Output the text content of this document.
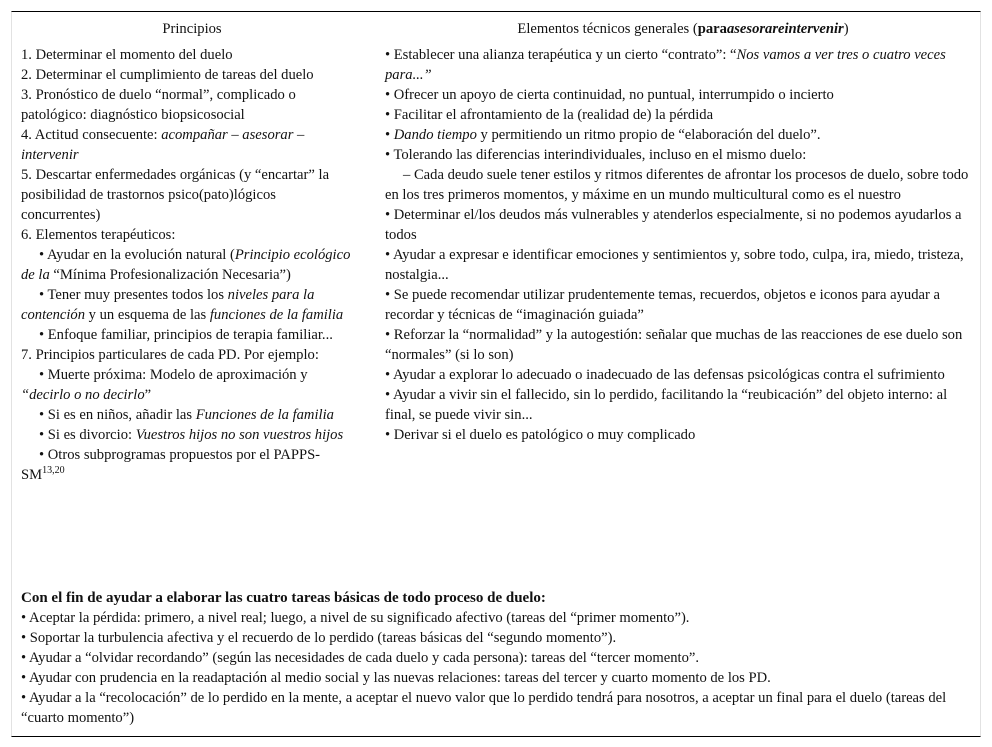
Principios	Elementos técnicos generales (paraasesorareintervenir)
1. Determinar el momento del duelo
2. Determinar el cumplimiento de tareas del duelo
3. Pronóstico de duelo “normal”, complicado o patológico: diagnóstico biopsicosocial
4. Actitud consecuente: acompañar – asesorar – intervenir
5. Descartar enfermedades orgánicas (y “encartar” la posibilidad de trastornos psico(pato)lógicos concurrentes)
6. Elementos terapéuticos:
• Ayudar en la evolución natural (Principio ecológico de la “Mínima Profesionalización Necesaria”)
• Tener muy presentes todos los niveles para la contención y un esquema de las funciones de la familia
• Enfoque familiar, principios de terapia familiar...
7. Principios particulares de cada PD. Por ejemplo:
• Muerte próxima: Modelo de aproximación y “decirlo o no decirlo”
• Si es en niños, añadir las Funciones de la familia
• Si es divorcio: Vuestros hijos no son vuestros hijos
• Otros subprogramas propuestos por el PAPPS-SM$^{13,20}$
• Establecer una alianza terapéutica y un cierto “contrato”: “Nos vamos a ver tres o cuatro veces para...”
• Ofrecer un apoyo de cierta continuidad, no puntual, interrumpido o incierto
• Facilitar el afrontamiento de la (realidad de) la pérdida
• Dando tiempo y permitiendo un ritmo propio de “elaboración del duelo”.
• Tolerando las diferencias interindividuales, incluso en el mismo duelo:
– Cada deudo suele tener estilos y ritmos diferentes de afrontar los procesos de duelo, sobre todo en los tres primeros momentos, y máxime en un mundo multicultural como es el nuestro
• Determinar el/los deudos más vulnerables y atenderlos especialmente, si no podemos ayudarlos a todos
• Ayudar a expresar e identificar emociones y sentimientos y, sobre todo, culpa, ira, miedo, tristeza, nostalgia...
• Se puede recomendar utilizar prudentemente temas, recuerdos, objetos e iconos para ayudar a recordar y técnicas de “imaginación guiada”
• Reforzar la “normalidad” y la autogestión: señalar que muchas de las reacciones de ese duelo son “normales” (si lo son)
• Ayudar a explorar lo adecuado o inadecuado de las defensas psicológicas contra el sufrimiento
• Ayudar a vivir sin el fallecido, sin lo perdido, facilitando la “reubicación” del objeto interno: al final, se puede vivir sin...
• Derivar si el duelo es patológico o muy complicado
Con el fin de ayudar a elaborar las cuatro tareas básicas de todo proceso de duelo:
• Aceptar la pérdida: primero, a nivel real; luego, a nivel de su significado afectivo (tareas del “primer momento”).
• Soportar la turbulencia afectiva y el recuerdo de lo perdido (tareas básicas del “segundo momento”).
• Ayudar a “olvidar recordando” (según las necesidades de cada duelo y cada persona): tareas del “tercer momento”.
• Ayudar con prudencia en la readaptación al medio social y las nuevas relaciones: tareas del tercer y cuarto momento de los PD.
• Ayudar a la “recolocación” de lo perdido en la mente, a aceptar el nuevo valor que lo perdido tendrá para nosotros, a aceptar un final para el duelo (tareas del “cuarto momento”)
